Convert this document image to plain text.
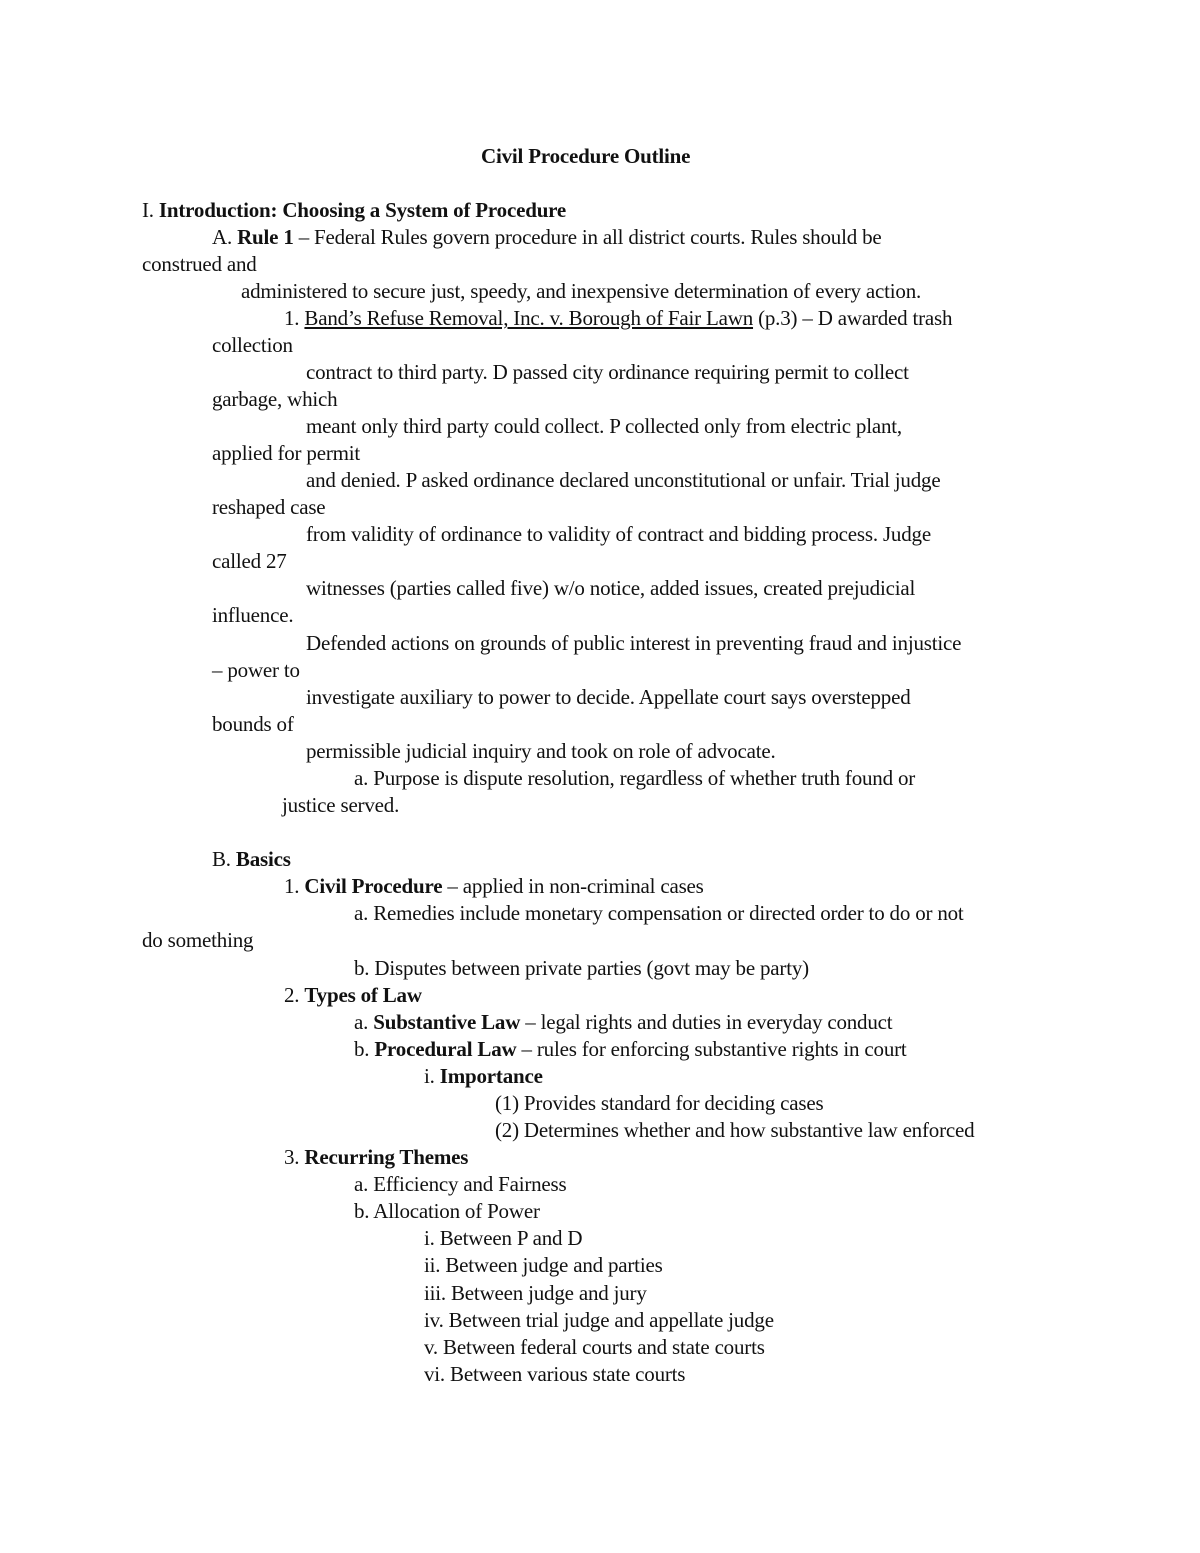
Civil Procedure Outline
I. Introduction: Choosing a System of Procedure
A. Rule 1 – Federal Rules govern procedure in all district courts. Rules should be
construed and
administered to secure just, speedy, and inexpensive determination of every action.
1. Band’s Refuse Removal, Inc. v. Borough of Fair Lawn (p.3) – D awarded trash
collection
contract to third party. D passed city ordinance requiring permit to collect
garbage, which
meant only third party could collect. P collected only from electric plant,
applied for permit
and denied. P asked ordinance declared unconstitutional or unfair. Trial judge
reshaped case
from validity of ordinance to validity of contract and bidding process. Judge
called 27
witnesses (parties called five) w/o notice, added issues, created prejudicial
influence.
Defended actions on grounds of public interest in preventing fraud and injustice
– power to
investigate auxiliary to power to decide. Appellate court says overstepped
bounds of
permissible judicial inquiry and took on role of advocate.
a. Purpose is dispute resolution, regardless of whether truth found or
justice served.
B. Basics
1. Civil Procedure – applied in non-criminal cases
a. Remedies include monetary compensation or directed order to do or not
do something
b. Disputes between private parties (govt may be party)
2. Types of Law
a. Substantive Law – legal rights and duties in everyday conduct
b. Procedural Law – rules for enforcing substantive rights in court
i. Importance
(1) Provides standard for deciding cases
(2) Determines whether and how substantive law enforced
3. Recurring Themes
a. Efficiency and Fairness
b. Allocation of Power
i. Between P and D
ii. Between judge and parties
iii. Between judge and jury
iv. Between trial judge and appellate judge
v. Between federal courts and state courts
vi. Between various state courts
